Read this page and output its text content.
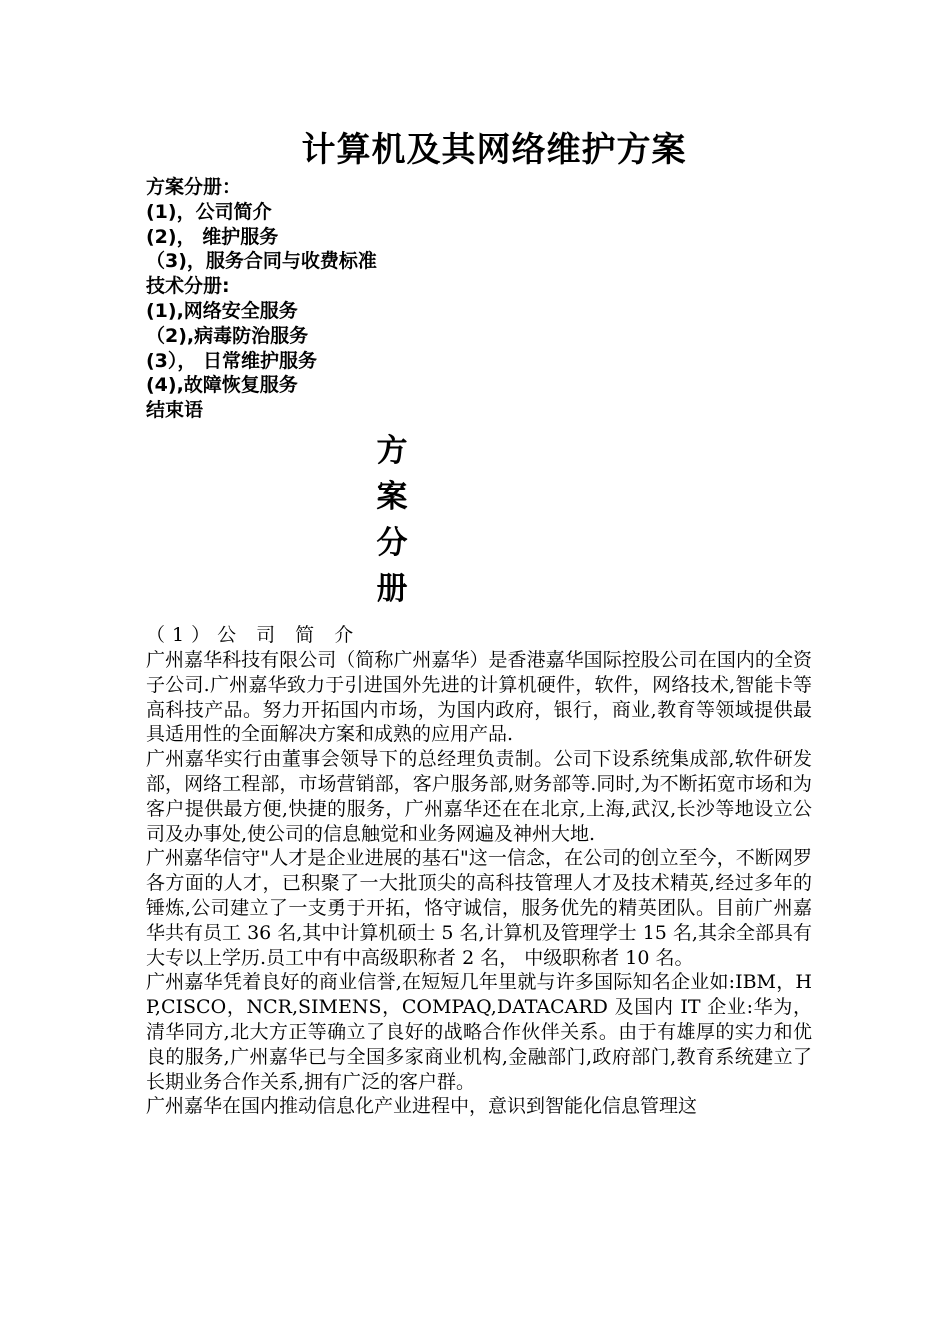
计算机及其网络维护方案
方案分册：
(1)，公司简介
(2)， 维护服务
（3)，服务合同与收费标准
技术分册:
(1),网络安全服务
（2),病毒防治服务
(3）， 日常维护服务
(4),故障恢复服务
结束语
方
案
分
册
（1）公 司 简 介

广州嘉华科技有限公司（简称广州嘉华）是香港嘉华国际控股公司在国内的全资子公司.广州嘉华致力于引进国外先进的计算机硬件，软件，网络技术,智能卡等高科技产品。努力开拓国内市场，为国内政府，银行，商业,教育等领域提供最具适用性的全面解决方案和成熟的应用产品.

广州嘉华实行由董事会领导下的总经理负责制。公司下设系统集成部,软件研发部，网络工程部，市场营销部，客户服务部,财务部等.同时,为不断拓宽市场和为客户提供最方便,快捷的服务，广州嘉华还在在北京,上海,武汉,长沙等地设立公司及办事处,使公司的信息触觉和业务网遍及神州大地.

广州嘉华信守"人才是企业进展的基石"这一信念，在公司的创立至今，不断网罗各方面的人才，已积聚了一大批顶尖的高科技管理人才及技术精英,经过多年的锤炼,公司建立了一支勇于开拓，恪守诚信，服务优先的精英团队。目前广州嘉华共有员工 36 名,其中计算机硕士 5 名,计算机及管理学士 15 名,其余全部具有大专以上学历.员工中有中高级职称者 2 名， 中级职称者 10 名。

广州嘉华凭着良好的商业信誉,在短短几年里就与许多国际知名企业如:IBM，HP,CISCO，NCR,SIMENS，COMPAQ,DATACARD 及国内 IT 企业:华为，清华同方,北大方正等确立了良好的战略合作伙伴关系。由于有雄厚的实力和优良的服务,广州嘉华已与全国多家商业机构,金融部门,政府部门,教育系统建立了长期业务合作关系,拥有广泛的客户群。

广州嘉华在国内推动信息化产业进程中，意识到智能化信息管理这
